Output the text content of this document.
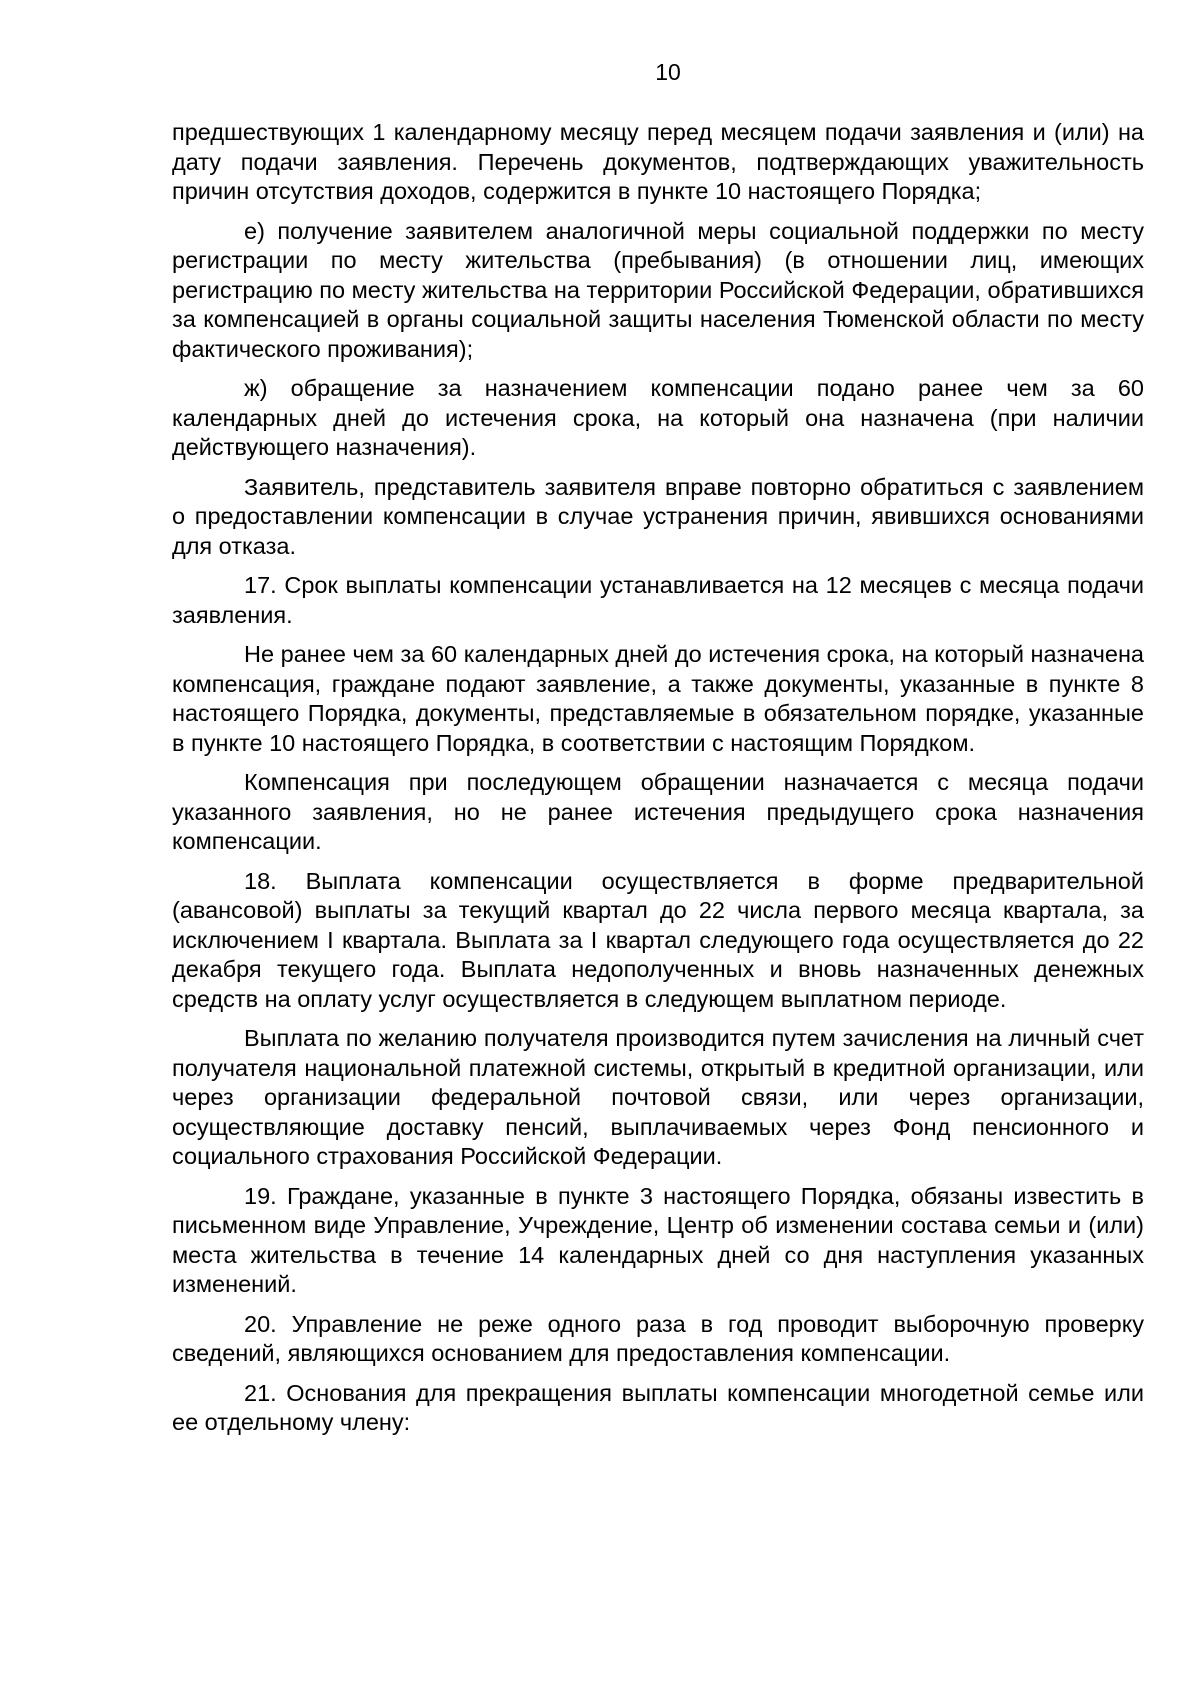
10

предшествующих 1 календарному месяцу перед месяцем подачи заявления и (или) на дату подачи заявления. Перечень документов, подтверждающих уважительность причин отсутствия доходов, содержится в пункте 10 настоящего Порядка;

е) получение заявителем аналогичной меры социальной поддержки по месту регистрации по месту жительства (пребывания) (в отношении лиц, имеющих регистрацию по месту жительства на территории Российской Федерации, обратившихся за компенсацией в органы социальной защиты населения Тюменской области по месту фактического проживания);

ж) обращение за назначением компенсации подано ранее чем за 60 календарных дней до истечения срока, на который она назначена (при наличии действующего назначения).

Заявитель, представитель заявителя вправе повторно обратиться с заявлением о предоставлении компенсации в случае устранения причин, явившихся основаниями для отказа.

17. Срок выплаты компенсации устанавливается на 12 месяцев с месяца подачи заявления.

Не ранее чем за 60 календарных дней до истечения срока, на который назначена компенсация, граждане подают заявление, а также документы, указанные в пункте 8 настоящего Порядка, документы, представляемые в обязательном порядке, указанные в пункте 10 настоящего Порядка, в соответствии с настоящим Порядком.

Компенсация при последующем обращении назначается с месяца подачи указанного заявления, но не ранее истечения предыдущего срока назначения компенсации.

18. Выплата компенсации осуществляется в форме предварительной (авансовой) выплаты за текущий квартал до 22 числа первого месяца квартала, за исключением I квартала. Выплата за I квартал следующего года осуществляется до 22 декабря текущего года. Выплата недополученных и вновь назначенных денежных средств на оплату услуг осуществляется в следующем выплатном периоде.

Выплата по желанию получателя производится путем зачисления на личный счет получателя национальной платежной системы, открытый в кредитной организации, или через организации федеральной почтовой связи, или через организации, осуществляющие доставку пенсий, выплачиваемых через Фонд пенсионного и социального страхования Российской Федерации.

19. Граждане, указанные в пункте 3 настоящего Порядка, обязаны известить в письменном виде Управление, Учреждение, Центр об изменении состава семьи и (или) места жительства в течение 14 календарных дней со дня наступления указанных изменений.

20. Управление не реже одного раза в год проводит выборочную проверку сведений, являющихся основанием для предоставления компенсации.

21. Основания для прекращения выплаты компенсации многодетной семье или ее отдельному члену:
